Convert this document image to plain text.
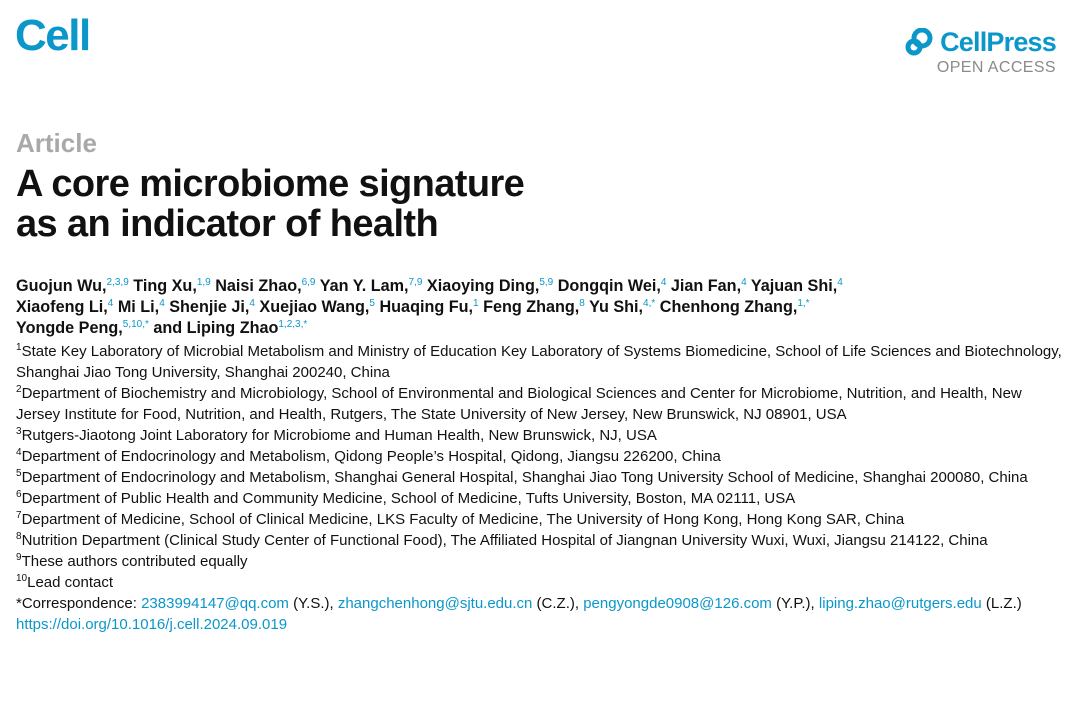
Cell	CellPress
OPEN ACCESS
Article
A core microbiome signature
as an indicator of health
Guojun Wu,$^{2,3,9}$ Ting Xu,$^{1,9}$ Naisi Zhao,$^{6,9}$ Yan Y. Lam,$^{7,9}$ Xiaoying Ding,$^{5,9}$ Dongqin Wei,$^4$ Jian Fan,$^4$ Yajuan Shi,$^4$
Xiaofeng Li,$^4$ Mi Li,$^4$ Shenjie Ji,$^4$ Xuejiao Wang,$^5$ Huaqing Fu,$^1$ Feng Zhang,$^8$ Yu Shi,$^{4,*}$ Chenhong Zhang,$^{1,*}$
Yongde Peng,$^{5,10,*}$ and Liping Zhao$^{1,2,3,*}$

$^1$State Key Laboratory of Microbial Metabolism and Ministry of Education Key Laboratory of Systems Biomedicine, School of Life Sciences and Biotechnology, Shanghai Jiao Tong University, Shanghai 200240, China

$^2$Department of Biochemistry and Microbiology, School of Environmental and Biological Sciences and Center for Microbiome, Nutrition, and Health, New Jersey Institute for Food, Nutrition, and Health, Rutgers, The State University of New Jersey, New Brunswick, NJ 08901, USA

$^3$Rutgers-Jiaotong Joint Laboratory for Microbiome and Human Health, New Brunswick, NJ, USA

$^4$Department of Endocrinology and Metabolism, Qidong People’s Hospital, Qidong, Jiangsu 226200, China

$^5$Department of Endocrinology and Metabolism, Shanghai General Hospital, Shanghai Jiao Tong University School of Medicine, Shanghai 200080, China

$^6$Department of Public Health and Community Medicine, School of Medicine, Tufts University, Boston, MA 02111, USA

$^7$Department of Medicine, School of Clinical Medicine, LKS Faculty of Medicine, The University of Hong Kong, Hong Kong SAR, China

$^8$Nutrition Department (Clinical Study Center of Functional Food), The Affiliated Hospital of Jiangnan University Wuxi, Wuxi, Jiangsu 214122, China

$^9$These authors contributed equally

$^{10}$Lead contact

*Correspondence: 2383994147@qq.com (Y.S.), zhangchenhong@sjtu.edu.cn (C.Z.), pengyongde0908@126.com (Y.P.), liping.zhao@rutgers.edu (L.Z.)

https://doi.org/10.1016/j.cell.2024.09.019
